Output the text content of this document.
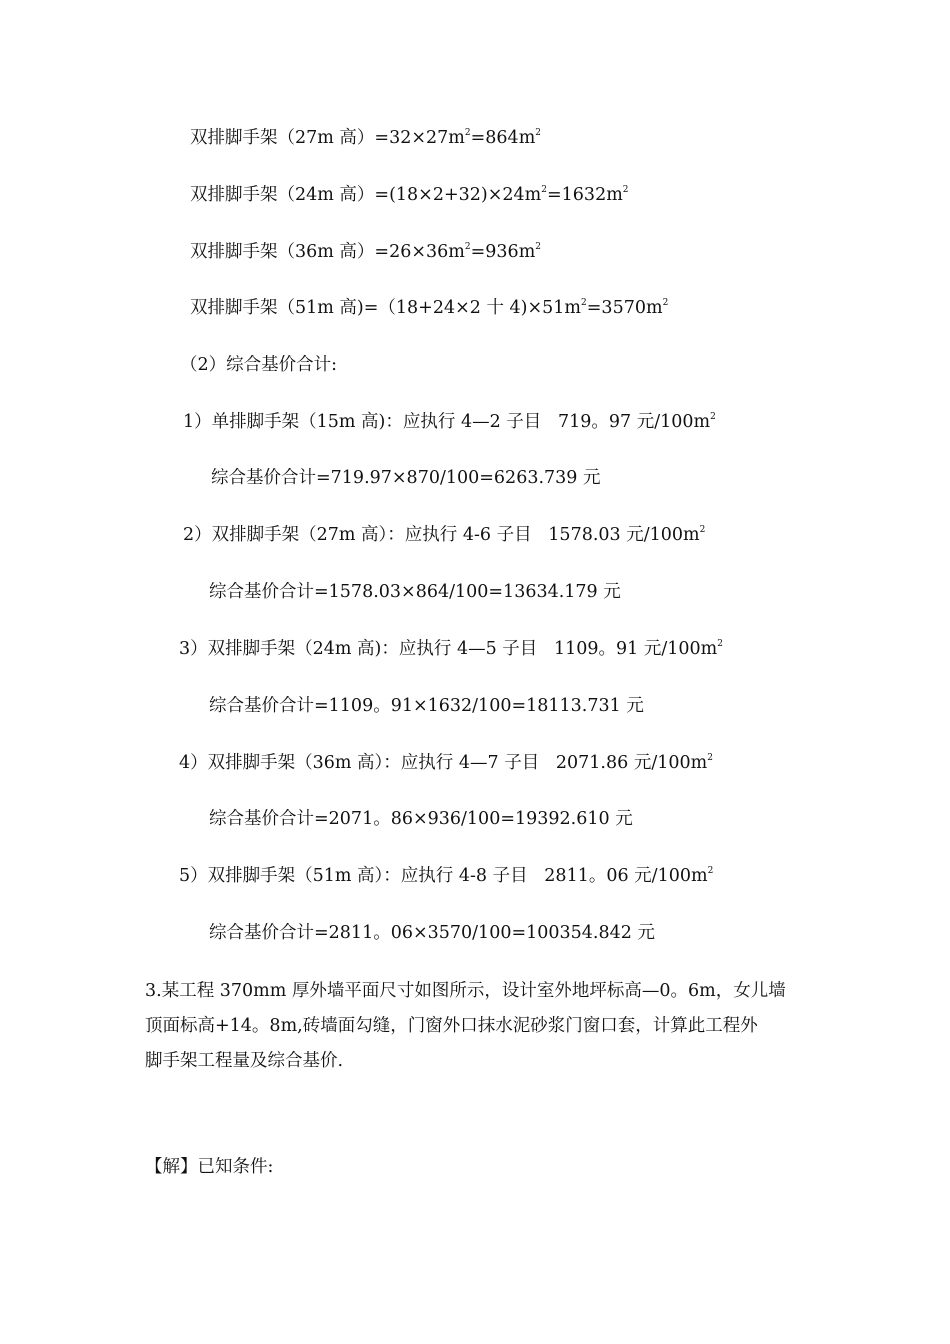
双排脚手架（27m 高）$=32\times 27m^2=864m^2$
双排脚手架（24m 高）$=(18\times 2+32)\times 24m^2=1632m^2$
双排脚手架（36m 高）$=26\times 36m^2=936m^2$
双排脚手架（51m 高)=（18+24×2 十 $4)\times 51m^2=3570m^2$
（2）综合基价合计:
1）单排脚手架（15m 高)：应执行 4—2 子目   719。97 元$/100m^2$
综合基价合计=719.97×870/100=6263.739 元
2）双排脚手架（27m 高）：应执行 4-6 子目   1578.03 元$/100m^2$
综合基价合计=1578.03×864/100=13634.179 元
3）双排脚手架（24m 高)：应执行 4—5 子目   1109。91 元$/100m^2$
综合基价合计=1109。91×1632/100=18113.731 元
4）双排脚手架（36m 高）：应执行 4—7 子目   2071.86 元$/100m^2$
综合基价合计=2071。86×936/100=19392.610 元
5）双排脚手架（51m 高）：应执行 4-8 子目   2811。06 元$/100m^2$
综合基价合计=2811。06×3570/100=100354.842 元
3.某工程 370mm 厚外墙平面尺寸如图所示，设计室外地坪标高—0。6m，女儿墙
顶面标高+14。8m,砖墙面勾缝，门窗外口抹水泥砂浆门窗口套，计算此工程外
脚手架工程量及综合基价.
【解】已知条件:
